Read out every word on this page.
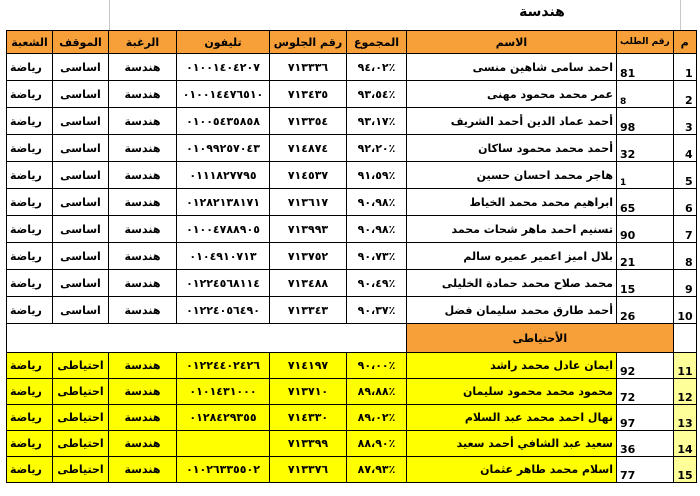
هندسة
الشعبة	الموقف	الرغبة	تليفون	رقم الجلوس	المجموع	الاسم	رقم الطلب	م
رياضة	اساسى	هندسة	٠١٠٠١٤٠٤٢٠٧	٧١٣٣٣٦	٩٤،٠٢٪	احمد سامى شاهين منسى	81	1
رياضة	اساسى	هندسة	٠١٠٠١٤٤٧٦٥١٠	٧١٣٤٣٥	٩٣،٥٤٪	عمر محمد محمود مهنى	8	2
رياضة	اساسى	هندسة	٠١٠٠٥٤٣٥٨٥٨	٧١٣٣٥٤	٩٣،١٧٪	أحمد عماد الدين أحمد الشريف	98	3
رياضة	اساسى	هندسة	٠١٠٩٩٢٥٧٠٤٣	٧١٤٨٧٤	٩٢،٢٠٪	أحمد محمد محمود ساكان	32	4
رياضة	اساسى	هندسة	٠١١١٨٢٧٧٩٥	٧١٤٥٣٧	٩١،٥٩٪	هاجر محمد احسان حسين	1	5
رياضة	اساسى	هندسة	٠١٢٨٢١٣٨١٧١	٧١٣٦١٧	٩٠،٩٨٪	ابراهيم محمد محمد الخياط	65	6
رياضة	اساسى	هندسة	٠١٠٠٤٧٨٨٩٠٥	٧١٣٩٩٣	٩٠،٩٨٪	تسنيم احمد ماهر شحات محمد	90	7
رياضة	اساسى	هندسة	٠١٠٤٩١٠٧١٣	٧١٣٧٥٢	٩٠،٧٣٪	بلال اميز اعمير عميره سالم	21	8
رياضة	اساسى	هندسة	٠١٢٢٤٥٦٨١١٤	٧١٣٤٨٨	٩٠،٤٩٪	محمد صلاح محمد حمادة الخليلى	15	9
رياضة	اساسى	هندسة	٠١٢٢٤٠٥٦٤٩٠	٧١٣٣٤٣	٩٠،٣٧٪	أحمد طارق محمد سليمان فضل	26	10
						الأحتياطى		
رياضة	احتياطى	هندسة	٠١٢٢٤٤٠٢٤٢٦	٧١٤١٩٧	٩٠،٠٠٪	ايمان عادل محمد راشد	92	11
رياضة	احتياطى	هندسة	٠١٠١٤٣١٠٠٠	٧١٣٧١٠	٨٩،٨٨٪	محمود محمد محمود سليمان	72	12
رياضة	احتياطى	هندسة	٠١٢٨٤٢٩٣٥٥	٧١٤٣٣٠	٨٩،٠٢٪	نهال احمد محمد عبد السلام	97	13
رياضة	احتياطى	هندسة		٧١٣٣٩٩	٨٨،٩٠٪	سعيد عبد الشافي أحمد سعيد	36	14
رياضة	احتياطى	هندسة	٠١٠٢٦٣٣٥٥٠٢	٧١٣٣٧٦	٨٧،٩٣٪	اسلام محمد طاهر عثمان	77	15
